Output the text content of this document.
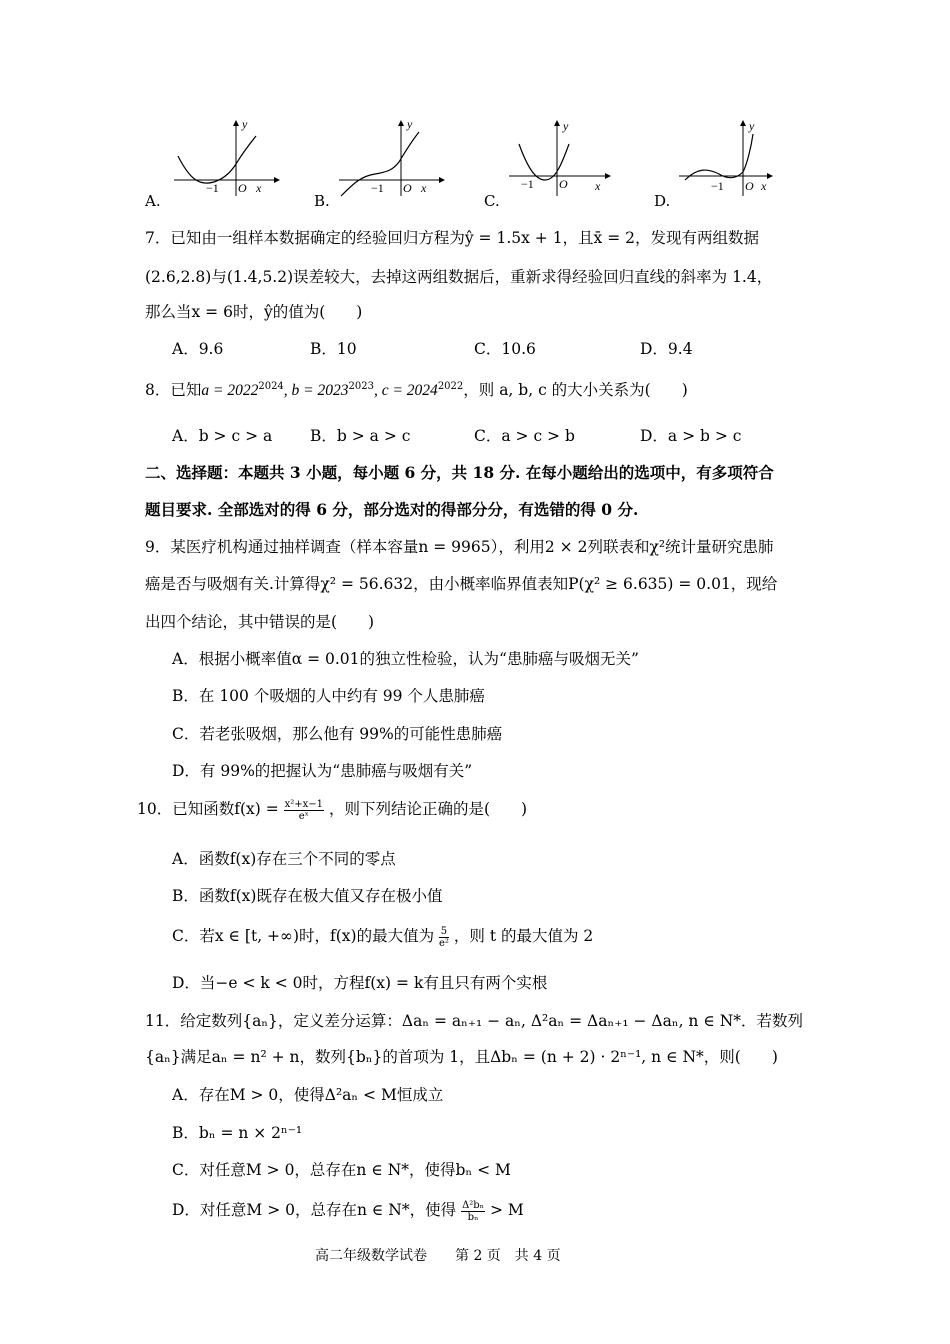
y
−1 O x
A.
y
−1 O x
B.
y
−1 O x
C.
y
−1 O x
D.
7．已知由一组样本数据确定的经验回归方程为ŷ = 1.5x + 1，且x̄ = 2，发现有两组数据
(2.6,2.8)与(1.4,5.2)误差较大，去掉这两组数据后，重新求得经验回归直线的斜率为 1.4，
那么当x = 6时，ŷ的值为(　　)
A．9.6	B．10	C．10.6	D．9.4
8．已知$a = 2022^{2024}$, $b = 2023^{2023}$, $c = 2024^{2022}$，则 a, b, c 的大小关系为(　　)
A．b > c > a B．b > a > c	C．a > c > b	D．a > b > c
二、选择题：本题共 3 小题，每小题 6 分，共 18 分. 在每小题给出的选项中，有多项符合
题目要求. 全部选对的得 6 分，部分选对的得部分分，有选错的得 0 分.
9．某医疗机构通过抽样调查（样本容量n = 9965），利用2 × 2列联表和χ²统计量研究患肺
癌是否与吸烟有关.计算得χ² = 56.632，由小概率临界值表知P(χ² ≥ 6.635) = 0.01，现给
出四个结论，其中错误的是(　　)
A．根据小概率值α = 0.01的独立性检验，认为“患肺癌与吸烟无关”
B．在 100 个吸烟的人中约有 99 个人患肺癌
C．若老张吸烟，那么他有 99%的可能性患肺癌
D．有 99%的把握认为“患肺癌与吸烟有关”
10．已知函数$f(x) = \frac{\text{x²+x−1}}{\text{eˣ}}$ ，则下列结论正确的是(　　)
A．函数f(x)存在三个不同的零点
B．函数f(x)既存在极大值又存在极小值
C．若x ∈ [t, +∞)时，f(x)的最大值为 $\frac{5}{\text{e²}}$ ，则 t 的最大值为 2
D．当−e < k < 0时，方程f(x) = k有且只有两个实根
11．给定数列{aₙ}，定义差分运算：Δaₙ = aₙ₊₁ − aₙ, Δ²aₙ = Δaₙ₊₁ − Δaₙ, n ∈ N*．若数列
{aₙ}满足aₙ = n² + n，数列{bₙ}的首项为 1，且Δbₙ = (n + 2) · 2ⁿ⁻¹, n ∈ N*，则(　　)
A．存在M > 0，使得Δ²aₙ < M恒成立
B．bₙ = n × 2ⁿ⁻¹
C．对任意M > 0，总存在n ∈ N*，使得bₙ < M
D．对任意M > 0，总存在n ∈ N*，使得 $\frac{\text{Δ²bₙ}}{\text{bₙ}} > M$
高二年级数学试卷　　第 2 页　共 4 页
